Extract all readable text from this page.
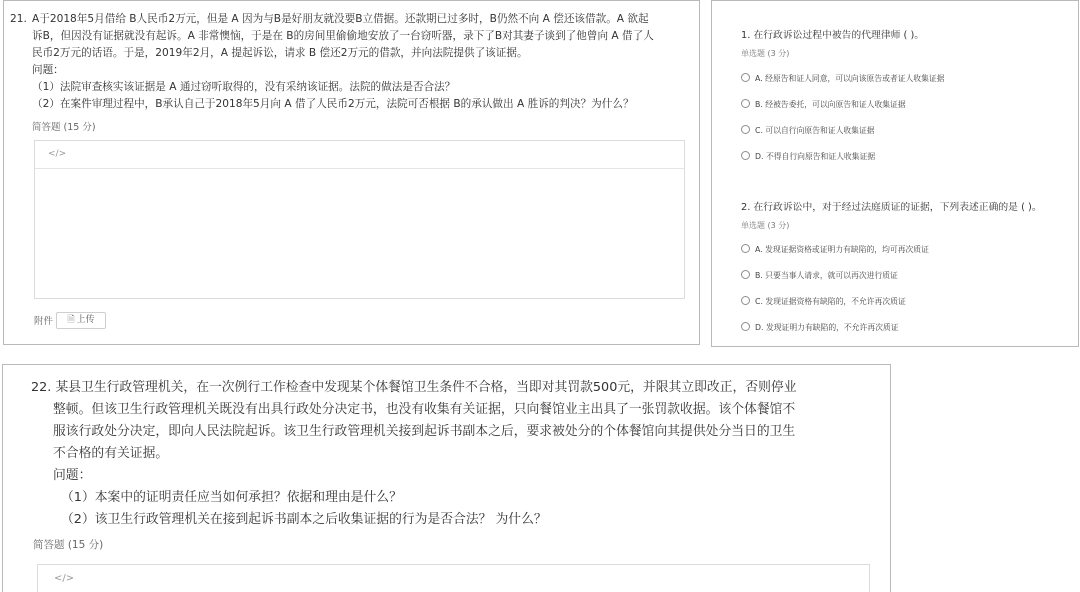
21. A于2018年5月借给 B人民币2万元，但是 A 因为与B是好朋友就没要B立借据。还款期已过多时，B仍然不向 A 偿还该借款。A 欲起
诉B，但因没有证据就没有起诉。A 非常懊恼，于是在 B的房间里偷偷地安放了一台窃听器，录下了B对其妻子谈到了他曾向 A 借了人
民币2万元的话语。于是，2019年2月，A 提起诉讼，请求 B 偿还2万元的借款，并向法院提供了该证据。
问题：
（1）法院审查核实该证据是 A 通过窃听取得的，没有采纳该证据。法院的做法是否合法？
（2）在案件审理过程中，B承认自己于2018年5月向 A 借了人民币2万元，法院可否根据 B的承认做出 A 胜诉的判决？为什么？
简答题 (15 分)
</>
附件	🗎 上传
1. 在行政诉讼过程中被告的代理律师 ( )。
单选题 (3 分)
A. 经原告和证人同意，可以向该原告或者证人收集证据
B. 经被告委托，可以向原告和证人收集证据
C. 可以自行向原告和证人收集证据
D. 不得自行向原告和证人收集证据
2. 在行政诉讼中，对于经过法庭质证的证据，下列表述正确的是 ( )。
单选题 (3 分)
A. 发现证据资格或证明力有缺陷的，均可再次质证
B. 只要当事人请求，就可以再次进行质证
C. 发现证据资格有缺陷的，不允许再次质证
D. 发现证明力有缺陷的，不允许再次质证
22. 某县卫生行政管理机关，在一次例行工作检查中发现某个体餐馆卫生条件不合格，当即对其罚款500元，并限其立即改正，否则停业
整顿。但该卫生行政管理机关既没有出具行政处分决定书，也没有收集有关证据，只向餐馆业主出具了一张罚款收据。该个体餐馆不
服该行政处分决定，即向人民法院起诉。该卫生行政管理机关接到起诉书副本之后，要求被处分的个体餐馆向其提供处分当日的卫生
不合格的有关证据。
问题：
（1）本案中的证明责任应当如何承担？依据和理由是什么？
（2）该卫生行政管理机关在接到起诉书副本之后收集证据的行为是否合法？ 为什么？
简答题 (15 分)
</>
